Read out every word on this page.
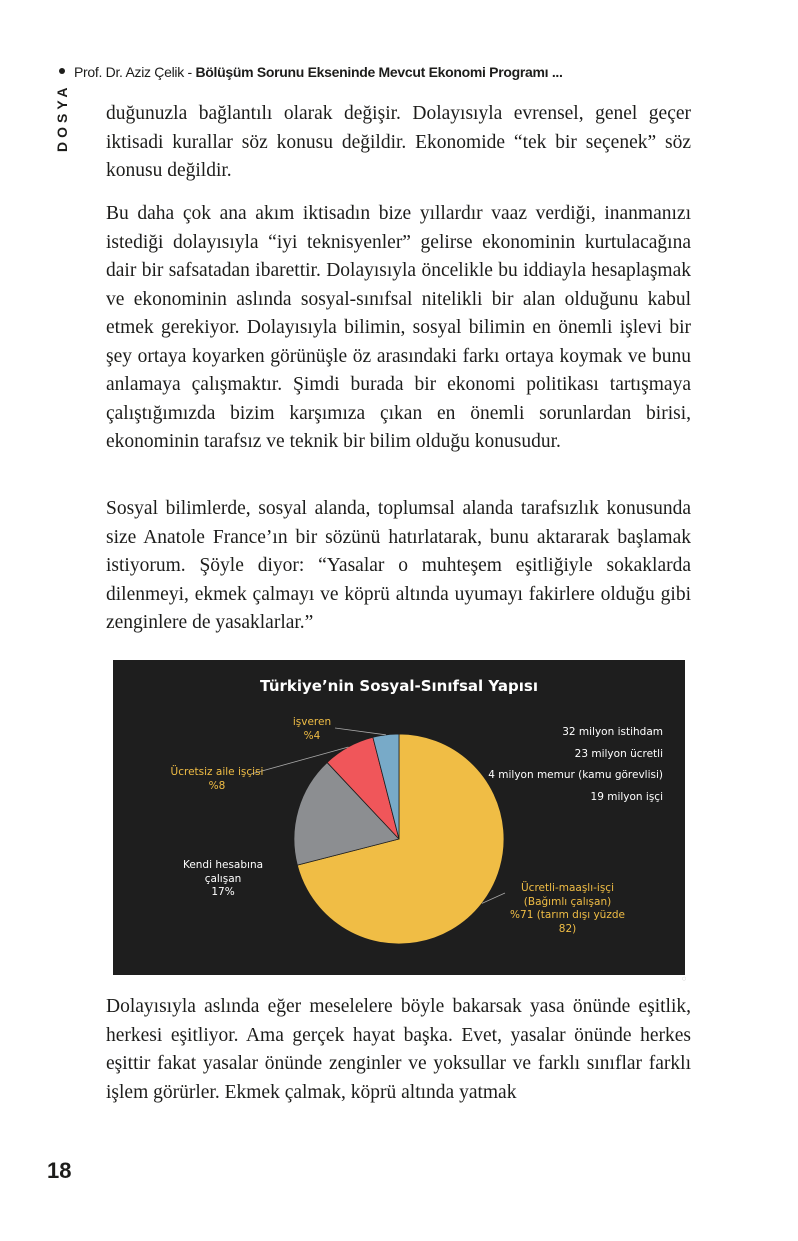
Prof. Dr. Aziz Çelik - Bölüşüm Sorunu Ekseninde Mevcut Ekonomi Programı ...
DOSYA duğunuzla bağlantılı olarak değişir. Dolayısıyla evrensel, genel geçer iktisadi kurallar söz konusu değildir. Ekonomide “tek bir seçenek” söz konusu değildir.

Bu daha çok ana akım iktisadın bize yıllardır vaaz verdiği, inanmanızı istediği dolayısıyla “iyi teknisyenler” gelirse ekonominin kurtulacağına dair bir safsatadan ibarettir. Dolayısıyla öncelikle bu iddiayla hesaplaşmak ve ekonominin aslında sosyal-sınıfsal nitelikli bir alan olduğunu kabul etmek gerekiyor. Dolayısıyla bilimin, sosyal bilimin en önemli işlevi bir şey ortaya koyarken görünüşle öz arasındaki farkı ortaya koymak ve bunu anlamaya çalışmaktır. Şimdi burada bir ekonomi politikası tartışmaya çalıştığımızda bizim karşımıza çıkan en önemli sorunlardan birisi, ekonominin tarafsız ve teknik bir bilim olduğu konusudur.

Sosyal bilimlerde, sosyal alanda, toplumsal alanda tarafsızlık konusunda size Anatole France’ın bir sözünü hatırlatarak, bunu aktararak başlamak istiyorum. Şöyle diyor: “Yasalar o muhteşem eşitliğiyle sokaklarda dilenmeyi, ekmek çalmayı ve köprü altında uyumayı fakirlere olduğu gibi zenginlere de yasaklarlar.”

Türkiye’nin Sosyal-Sınıfsal Yapısı
işveren
%4
Ücretsiz aile işçisi
%8
Kendi hesabına çalışan
17%	Ücretli-maaşlı-işçi (Bağımlı çalışan)
%71 (tarım dışı yüzde 82)
32 milyon istihdam
23 milyon ücretli
4 milyon memur (kamu görevlisi)
19 milyon işçi
○

Dolayısıyla aslında eğer meselelere böyle bakarsak yasa önünde eşitlik, herkesi eşitliyor. Ama gerçek hayat başka. Evet, yasalar önünde herkes eşittir fakat yasalar önünde zenginler ve yoksullar ve farklı sınıflar farklı işlem görürler. Ekmek çalmak, köprü altında yatmak

18
